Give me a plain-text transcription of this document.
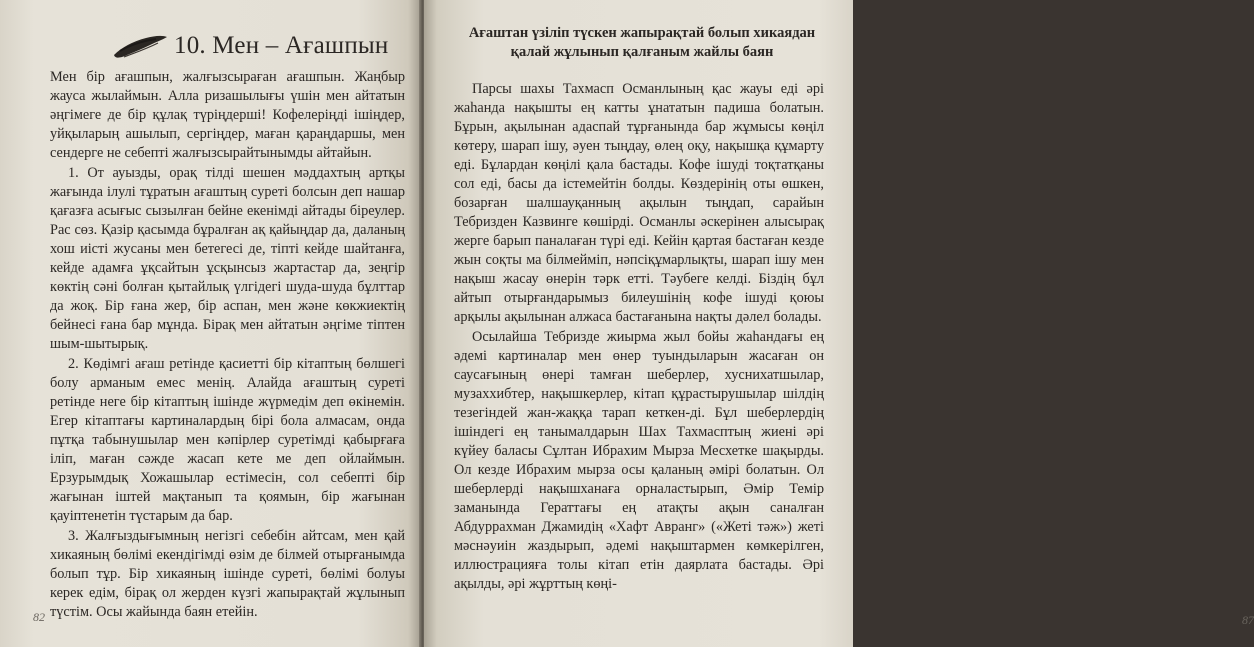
10. Мен – Ағашпын

Мен бір ағашпын, жалғызсыраған ағашпын. Жаңбыр жауса жылаймын. Алла ризашылығы үшін мен айтатын әңгімеге де бір құлақ түріңдерші! Кофелеріңді ішіңдер, уйқыларың ашылып, сергіңдер, маған қараңдаршы, мен сендерге не себепті жалғызсырайтынымды айтайын.

1. От ауызды, орақ тілді шешен мәддахтың артқы жағында ілулі тұратын ағаштың суреті болсын деп нашар қағазға асығыс сызылған бейне екенімді айтады біреулер. Рас сөз. Қазір қасымда бұралған ақ қайыңдар да, даланың хош иісті жусаны мен бетегесі де, тіпті кейде шайтанға, кейде адамға ұқсайтын ұсқынсыз жартастар да, зеңгір көктің сәні болған қытайлық үлгідегі шуда-шуда бұлттар да жоқ. Бір ғана жер, бір аспан, мен және көкжиектің бейнесі ғана бар мұнда. Бірақ мен айтатын әңгіме тіптен шым-шытырық.

2. Көдімгі ағаш ретінде қасиетті бір кітаптың бөлшегі болу арманым емес менің. Алайда ағаштың суреті ретінде неге бір кітаптың ішінде жүрмедім деп өкінемін. Егер кітаптағы картиналардың бірі бола алмасам, онда пұтқа табынушылар мен кәпірлер суретімді қабырғаға іліп, маған сәжде жасап кете ме деп ойлаймын. Ерзурымдық Хожашылар естімесін, сол себепті бір жағынан іштей мақтанып та қоямын, бір жағынан қауіптенетін түстарым да бар.

3. Жалғыздығымның негізгі себебін айтсам, мен қай хикаяның бөлімі екендігімді өзім де білмей отырғанымда болып тұр. Бір хикаяның ішінде суреті, бөлімі болуы керек едім, бірақ ол жерден күзгі жапырақтай жұлынып түстім. Осы жайында баян етейін.

82	87
Ағаштан үзіліп түскен жапырақтай болып хикаядан
қалай жұлынып қалғаным жайлы баян

Парсы шахы Тахмасп Османлының қас жауы еді әрі жаһанда нақышты ең катты ұнататын падиша болатын. Бұрын, ақылынан адаспай тұрғанында бар жұмысы көңіл көтеру, шарап ішу, әуен тыңдау, өлең оқу, нақышқа құмарту еді. Бұлардан көңілі қала бастады. Кофе ішуді тоқтатқаны сол еді, басы да істемейтін болды. Көздерінің оты өшкен, бозарған шалшауқанның ақылын тыңдап, сарайын Тебризден Казвинге көшірді. Османлы әскерінен алысырақ жерге барып паналаған түрі еді. Кейін қартая бастаған кезде жын соқты ма білмейміп, нәпсіқұмарлықты, шарап ішу мен нақыш жасау өнерін тәрк етті. Тәубеге келді. Біздің бұл айтып отырғандарымыз билеушінің кофе ішуді қоюы арқылы ақылынан алжаса бастағанына нақты дәлел болады.

Осылайша Тебризде жиырма жыл бойы жаһандағы ең әдемі картиналар мен өнер туындыларын жасаған он саусағының өнері тамған шеберлер, хуснихатшылар, музаххибтер, нақышкерлер, кітап құрастырушылар шілдің тезегіндей жан-жаққа тарап кеткен-ді. Бұл шеберлердің ішіндегі ең танымалдарын Шах Тахмасптың жиені әрі күйеу баласы Сұлтан Ибрахим Мырза Месхетке шақырды. Ол кезде Ибрахим мырза осы қаланың әмірі болатын. Ол шеберлерді нақышханаға орналастырып, Әмір Темір заманында Гераттағы ең атақты ақын саналған Абдуррахман Джамидің «Хафт Авранг» («Жеті тәж») жеті мәснәуиін жаздырып, әдемі нақыштармен көмкерілген, иллюстрацияға толы кітап етін даярлата бастады. Әрі ақылды, әрі жұрттың көңі-
